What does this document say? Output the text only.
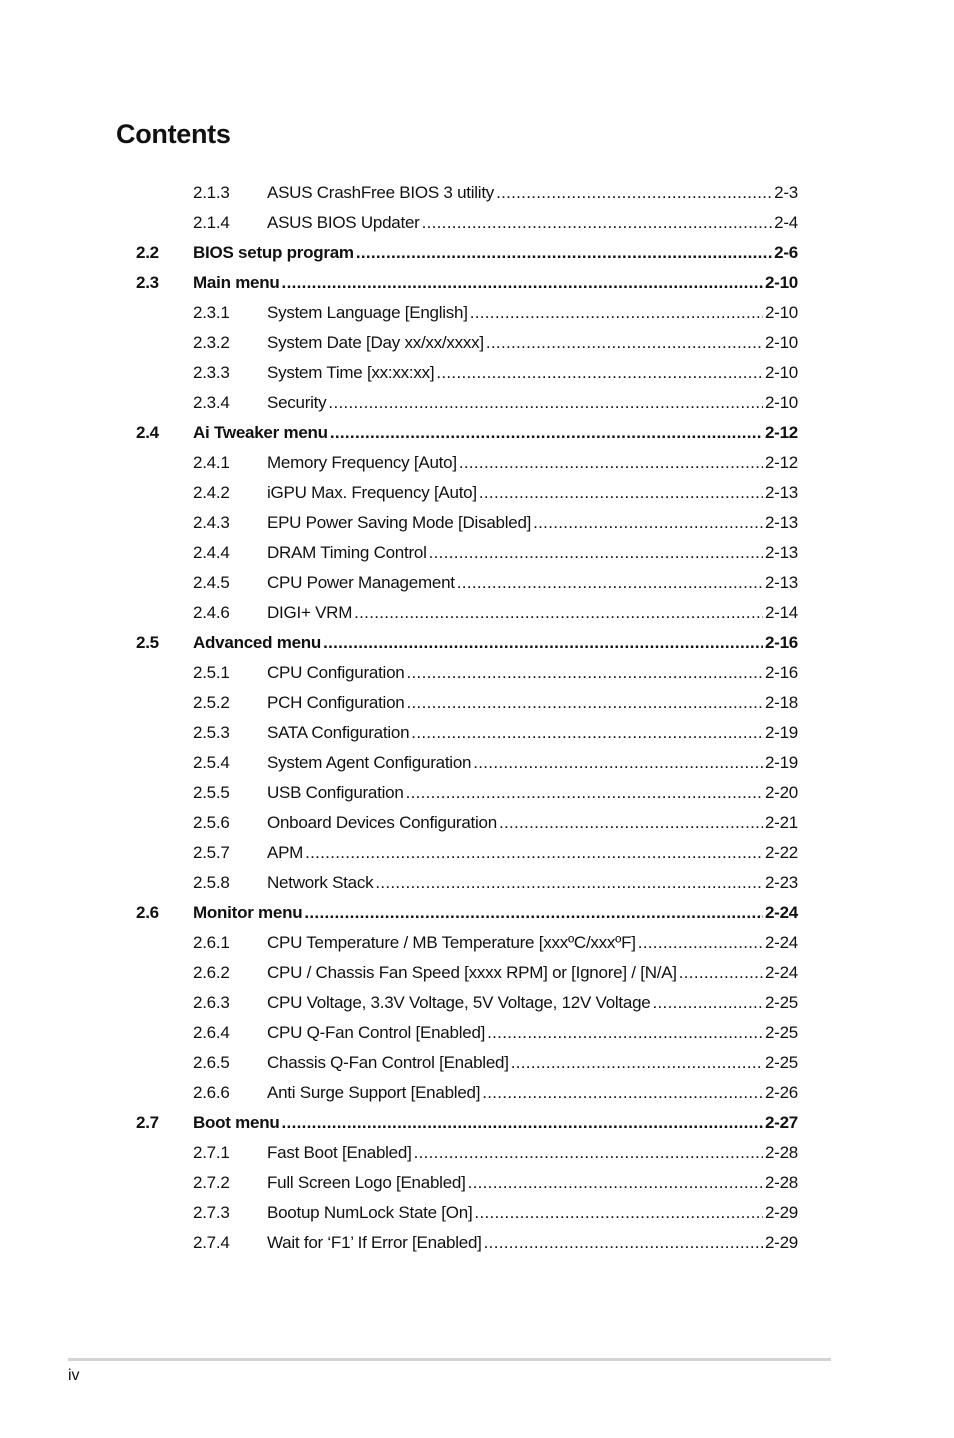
Contents
2.1.3 ASUS CrashFree BIOS 3 utility .....	2-3
2.1.4 ASUS BIOS Updater .....	2-4
2.2 BIOS setup program .....	2-6
2.3 Main menu .....	2-10
2.3.1 System Language [English] .....	2-10
2.3.2 System Date [Day xx/xx/xxxx] .....	2-10
2.3.3 System Time [xx:xx:xx] .....	2-10
2.3.4 Security .....	2-10
2.4 Ai Tweaker menu .....	2-12
2.4.1 Memory Frequency [Auto] .....	2-12
2.4.2 iGPU Max. Frequency [Auto] .....	2-13
2.4.3 EPU Power Saving Mode [Disabled] .....	2-13
2.4.4 DRAM Timing Control .....	2-13
2.4.5 CPU Power Management .....	2-13
2.4.6 DIGI+ VRM .....	2-14
2.5 Advanced menu .....	2-16
2.5.1 CPU Configuration .....	2-16
2.5.2 PCH Configuration .....	2-18
2.5.3 SATA Configuration .....	2-19
2.5.4 System Agent Configuration .....	2-19
2.5.5 USB Configuration .....	2-20
2.5.6 Onboard Devices Configuration .....	2-21
2.5.7 APM .....	2-22
2.5.8 Network Stack .....	2-23
2.6 Monitor menu .....	2-24
2.6.1 CPU Temperature / MB Temperature [xxxºC/xxxºF] .....	2-24
2.6.2 CPU / Chassis Fan Speed [xxxx RPM] or [Ignore] / [N/A] .....	2-24
2.6.3 CPU Voltage, 3.3V Voltage, 5V Voltage, 12V Voltage .....	2-25
2.6.4 CPU Q-Fan Control [Enabled] .....	2-25
2.6.5 Chassis Q-Fan Control [Enabled] .....	2-25
2.6.6 Anti Surge Support [Enabled] .....	2-26
2.7 Boot menu .....	2-27
2.7.1 Fast Boot [Enabled] .....	2-28
2.7.2 Full Screen Logo [Enabled] .....	2-28
2.7.3 Bootup NumLock State [On] .....	2-29
2.7.4 Wait for ‘F1’ If Error [Enabled] .....	2-29
iv
